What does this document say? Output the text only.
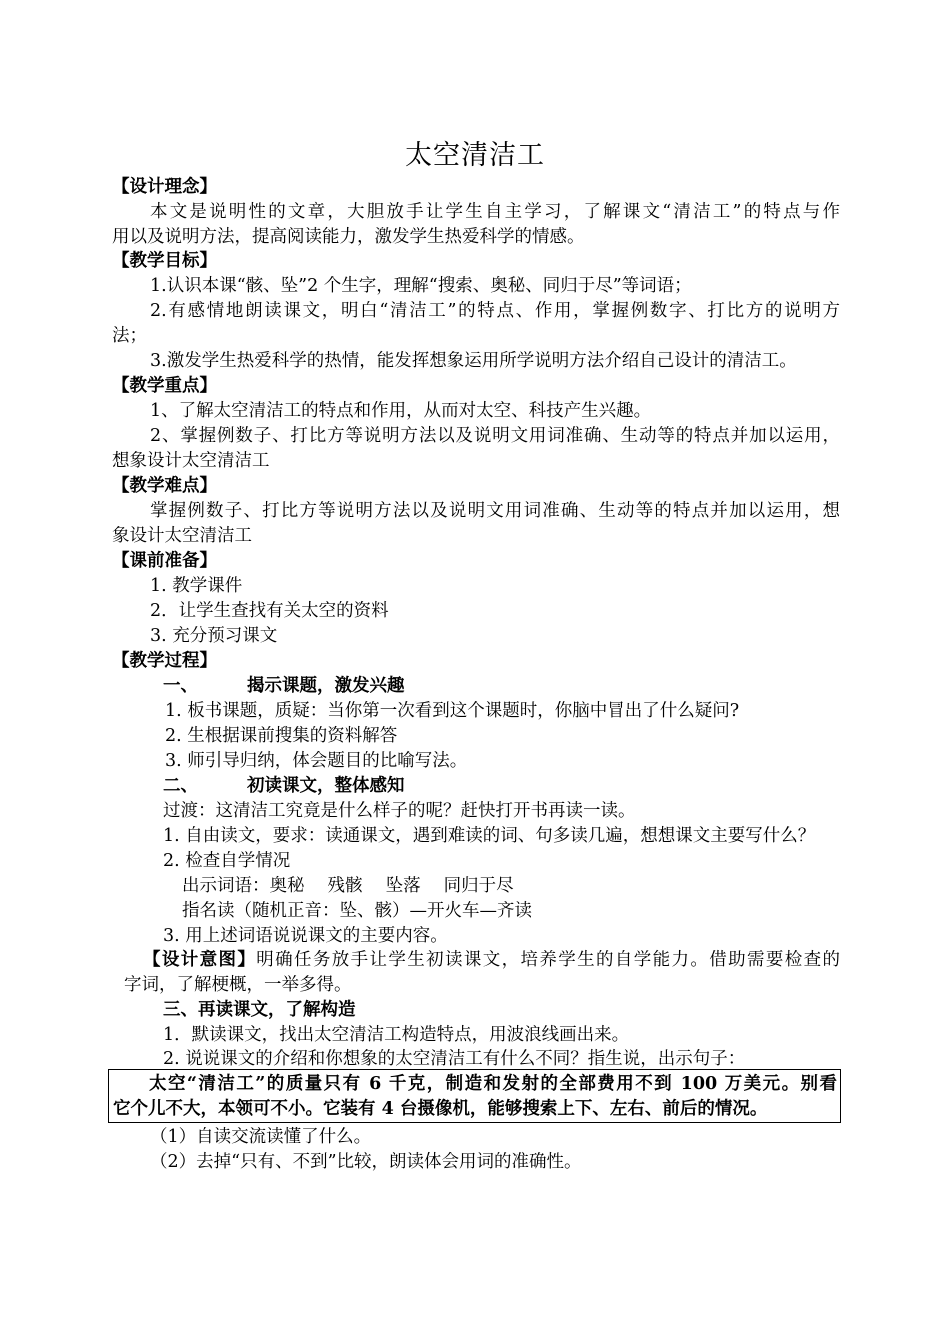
太空清洁工
【设计理念】
本文是说明性的文章，大胆放手让学生自主学习，了解课文“清洁工”的特点与作
用以及说明方法，提高阅读能力，激发学生热爱科学的情感。
【教学目标】
1.认识本课“骸、坠”2 个生字，理解“搜索、奥秘、同归于尽”等词语；
2.有感情地朗读课文，明白“清洁工”的特点、作用，掌握例数字、打比方的说明方
法；
3.激发学生热爱科学的热情，能发挥想象运用所学说明方法介绍自己设计的清洁工。
【教学重点】
1、了解太空清洁工的特点和作用，从而对太空、科技产生兴趣。
2、掌握例数子、打比方等说明方法以及说明文用词准确、生动等的特点并加以运用，
想象设计太空清洁工
【教学难点】
掌握例数子、打比方等说明方法以及说明文用词准确、生动等的特点并加以运用，想
象设计太空清洁工
【课前准备】
1. 教学课件
2．让学生查找有关太空的资料
3. 充分预习课文
【教学过程】
一、	揭示课题，激发兴趣
1. 板书课题，质疑：当你第一次看到这个课题时，你脑中冒出了什么疑问?
2. 生根据课前搜集的资料解答
3. 师引导归纳，体会题目的比喻写法。
二、	初读课文，整体感知
过渡：这清洁工究竟是什么样子的呢？赶快打开书再读一读。
1. 自由读文，要求：读通课文，遇到难读的词、句多读几遍，想想课文主要写什么？
2. 检查自学情况
出示词语：奥秘　 残骸　 坠落　 同归于尽
指名读（随机正音：坠、骸）—开火车—齐读
3. 用上述词语说说课文的主要内容。
【设计意图】明确任务放手让学生初读课文，培养学生的自学能力。借助需要检查的
字词，了解梗概，一举多得。
三、再读课文，了解构造
1．默读课文，找出太空清洁工构造特点，用波浪线画出来。
2. 说说课文的介绍和你想象的太空清洁工有什么不同？指生说，出示句子：
太空“清洁工”的质量只有 6 千克，制造和发射的全部费用不到 100 万美元。别看
它个儿不大，本领可不小。它装有 4 台摄像机，能够搜索上下、左右、前后的情况。
（1）自读交流读懂了什么。
（2）去掉“只有、不到”比较，朗读体会用词的准确性。
